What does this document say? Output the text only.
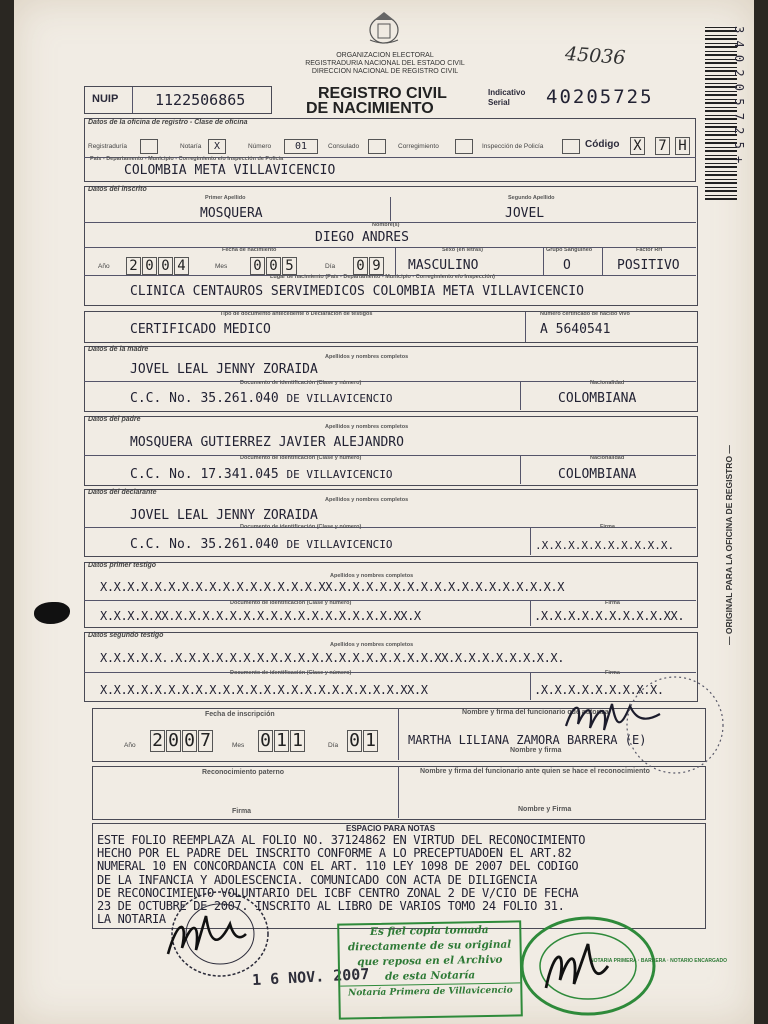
ORGANIZACION ELECTORAL
REGISTRADURIA NACIONAL DEL ESTADO CIVIL
DIRECCION NACIONAL DE REGISTRO CIVIL
45036
NUIP 1122506865	REGISTRO CIVIL
DE NACIMIENTO
Indicativo
Serial 40205725	3 4 0 2 0 5 7 2 5 +
Datos de la oficina de registro - Clase de oficina
Registraduría	Notaría	X	Número	01	Consulado	Corregimiento	Inspección de Policía	Código X 7 H
País - Departamento - Municipio - Corregimiento e/o Inspección de Policía
COLOMBIA META VILLAVICENCIO
Datos del inscrito
Primer Apellido	Segundo Apellido
MOSQUERA	JOVEL
Nombre(s)
DIEGO ANDRES
Fecha de nacimiento	Sexo (en letras)	Grupo Sanguíneo	Factor RH
Año 2 0 0 4	Mes 0 0 5	Día 0 9 MASCULINO	O	POSITIVO
Lugar de nacimiento (País - Departamento - Municipio - Corregimiento e/o Inspección)
CLINICA CENTAUROS SERVIMEDICOS COLOMBIA META VILLAVICENCIO
Tipo de documento antecedente o Declaración de testigos	Número certificado de nacido vivo
CERTIFICADO MEDICO	A 5640541
Datos de la madre
Apellidos y nombres completos
JOVEL LEAL JENNY ZORAIDA
Documento de identificación (Clase y número)	Nacionalidad
C.C. No. 35.261.040 DE VILLAVICENCIO	COLOMBIANA
Datos del padre
Apellidos y nombres completos
MOSQUERA GUTIERREZ JAVIER ALEJANDRO
Documento de identificación (Clase y número)	Nacionalidad
C.C. No. 17.341.045 DE VILLAVICENCIO	COLOMBIANA
Datos del declarante
Apellidos y nombres completos
JOVEL LEAL JENNY ZORAIDA
Documento de identificación (Clase y número)	Firma
C.C. No. 35.261.040 DE VILLAVICENCIO	.X.X.X.X.X.X.X.X.X.X.
Datos primer testigo
Apellidos y nombres completos
X.X.X.X.X.X.X.X.X.X.X.X.X.X.X.X.XX.X.X.X.X.X.X.X.X.X.X.X.X.X.X.X.X.X
Documento de identificación (Clase y número)	Firma
X.X.X.X.XX.X.X.X.X.X.X.X.X.X.X.X.X.X.X.X.X.XX.X	.X.X.X.X.X.X.X.X.X.XX.
Datos segundo testigo
Apellidos y nombres completos
X.X.X.X.X..X.X.X.X.X.X.X.X.X.X.X.X.X.X.X.X.X.X.X.XX.X.X.X.X.X.X.X.X.
Documento de identificación (Clase y número)	Firma
X.X.X.X.X.X.X.X.X.X.X.X.X.X.X.X.X.X.X.X.X.X.XX.X	.X.X.X.X.X.X.X.X.X.
Fecha de inscripción	Nombre y firma del funcionario que autoriza
Año 2 0 0 7	Mes 0 1 1	Día 0 1	MARTHA LILIANA ZAMORA BARRERA (E)
Nombre y firma
Reconocimiento paterno	Nombre y firma del funcionario ante quien se hace el reconocimiento
Firma	Nombre y Firma
ESPACIO PARA NOTAS
ESTE FOLIO REEMPLAZA AL FOLIO NO. 37124862 EN VIRTUD DEL RECONOCIMIENTO
HECHO POR EL PADRE DEL INSCRITO CONFORME A LO PRECEPTUADOEN EL ART.82
NUMERAL 10 EN CONCORDANCIA CON EL ART. 110 LEY 1098 DE 2007 DEL CODIGO
DE LA INFANCIA Y ADOLESCENCIA. COMUNICADO CON ACTA DE DILIGENCIA
DE RECONOCIMIENTO VOLUNTARIO DEL ICBF CENTRO ZONAL 2 DE V/CIO DE FECHA
23 DE OCTUBRE DE 2007. INSCRITO AL LIBRO DE VARIOS TOMO 24 FOLIO 31.
LA NOTARIA
1 6 NOV. 2007
Es fiel copia tomada
directamente de su original
que reposa en el Archivo
de esta Notaría
Notaría Primera de Villavicencio
NOTARIA PRIMERA · BARRERA · NOTARIO ENCARGADO
— ORIGINAL PARA LA OFICINA DE REGISTRO —
